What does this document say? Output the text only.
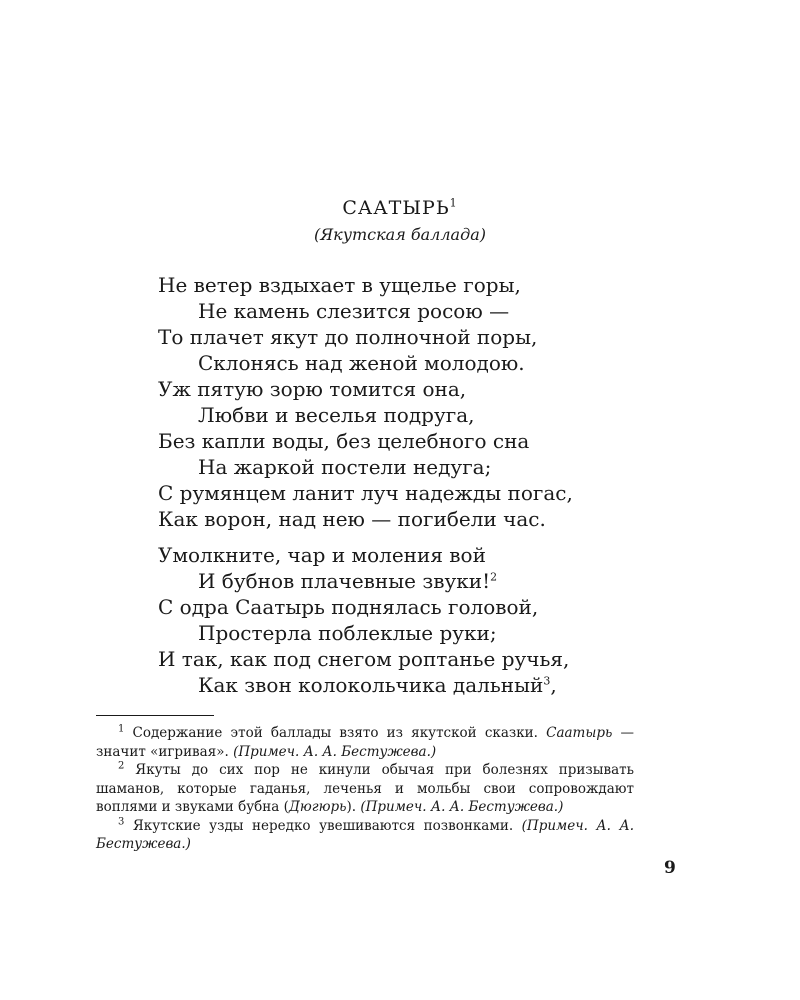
СААТЫРЬ$^1$
(Якутская баллада)
Не ветер вздыхает в ущелье горы,
Не камень слезится росою —
То плачет якут до полночной поры,
Склонясь над женой молодою.
Уж пятую зорю томится она,
Любви и веселья подруга,
Без капли воды, без целебного сна
На жаркой постели недуга;
С румянцем ланит луч надежды погас,
Как ворон, над нею — погибели час.
Умолкните, чар и моления вой
И бубнов плачевные звуки!$^2$
С одра Саатырь поднялась головой,
Простерла поблеклые руки;
И так, как под снегом роптанье ручья,
Как звон колокольчика дальный$^3$,

$^1$ Содержание этой баллады взято из якутской сказки. Саатырь — значит «игривая». (Примеч. А. А. Бестужева.)

$^2$ Якуты до сих пор не кинули обычая при болезнях призывать шаманов, которые гаданья, леченья и мольбы свои сопровождают воплями и звуками бубна (Дюгюрь). (Примеч. А. А. Бестужева.)

$^3$ Якутские узды нередко увешиваются позвонками. (Примеч. А. А. Бестужева.)

9
